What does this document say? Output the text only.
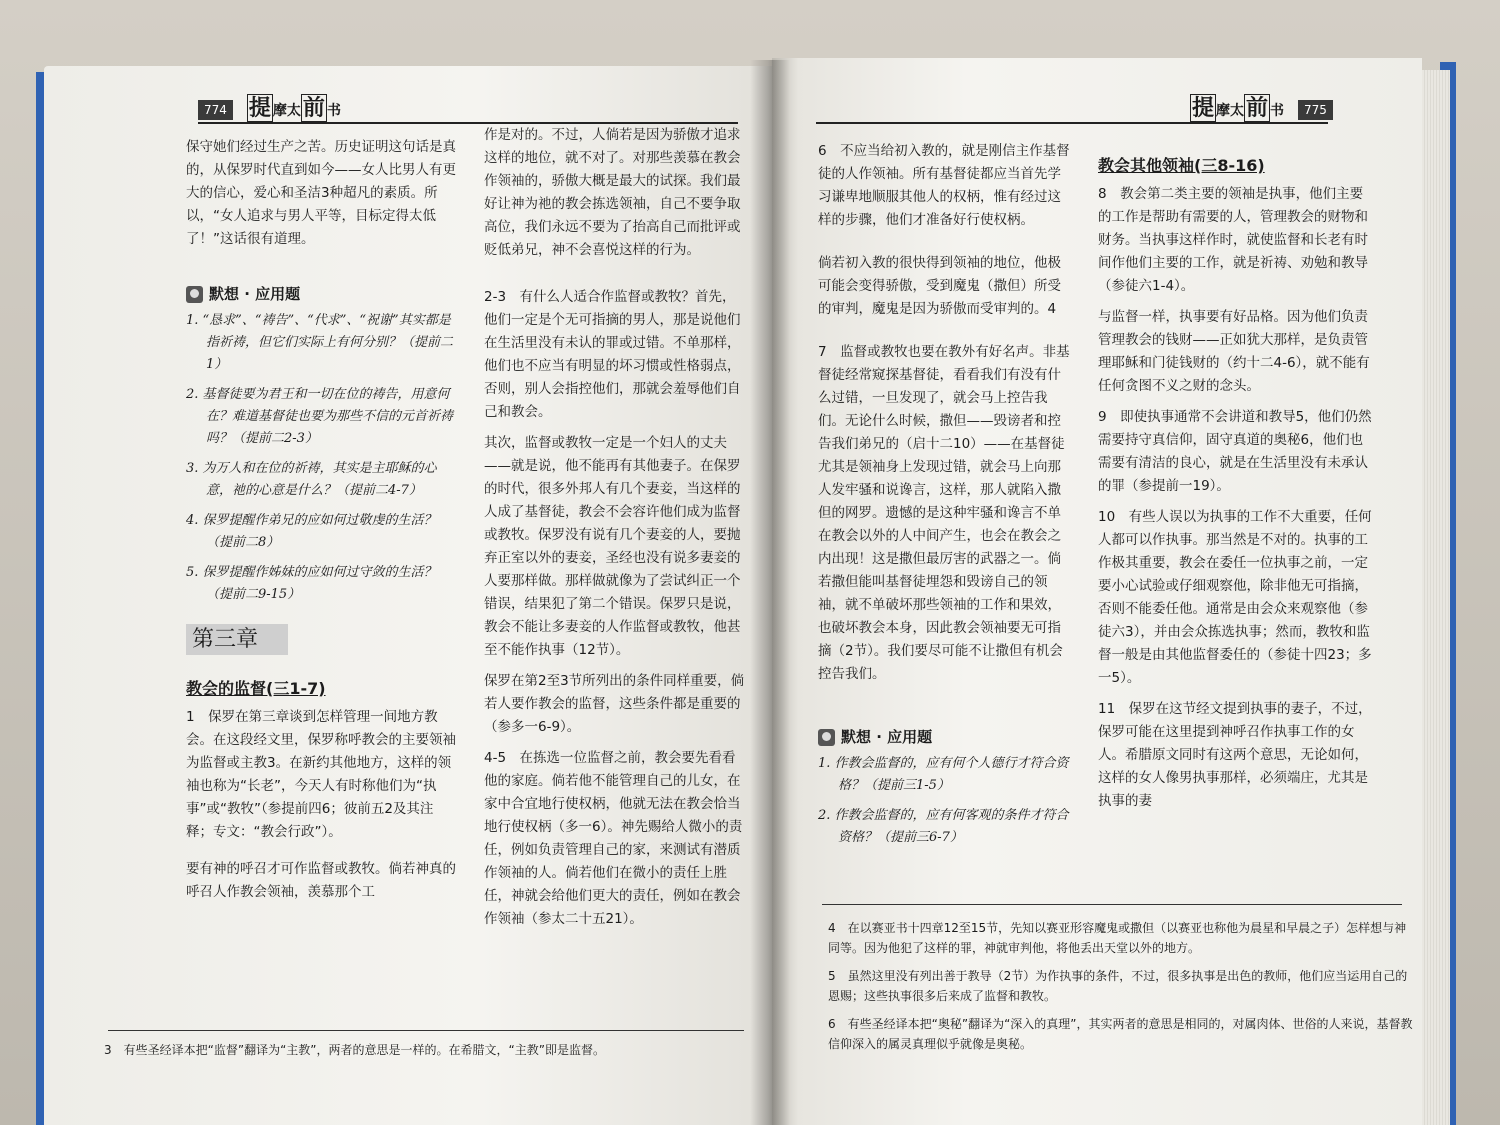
774 提 摩太前 书

保守她们经过生产之苦。历史证明这句话是真的，从保罗时代直到如今——女人比男人有更大的信心，爱心和圣洁3种超凡的素质。所以，“女人追求与男人平等，目标定得太低了！”这话很有道理。

默想 · 应用题

1. “恳求”、“祷告”、“代求”、“祝谢”其实都是指祈祷，但它们实际上有何分别？（提前二1）

2. 基督徒要为君王和一切在位的祷告，用意何在？难道基督徒也要为那些不信的元首祈祷吗？（提前二2-3）

3. 为万人和在位的祈祷，其实是主耶稣的心意，祂的心意是什么？（提前二4-7）

4. 保罗提醒作弟兄的应如何过敬虔的生活？（提前二8）

5. 保罗提醒作姊妹的应如何过守敛的生活？（提前二9-15）

第三章
教会的监督(三1-7)

1　保罗在第三章谈到怎样管理一间地方教会。在这段经文里，保罗称呼教会的主要领袖为监督或主教3。在新约其他地方，这样的领袖也称为“长老”，今天人有时称他们为“执事”或“教牧”（参提前四6；彼前五2及其注释；专文：“教会行政”）。

要有神的呼召才可作监督或教牧。倘若神真的呼召人作教会领袖，羡慕那个工

作是对的。不过，人倘若是因为骄傲才追求这样的地位，就不对了。对那些羡慕在教会作领袖的，骄傲大概是最大的试探。我们最好让神为祂的教会拣选领袖，自己不要争取高位，我们永远不要为了抬高自己而批评或贬低弟兄，神不会喜悦这样的行为。

2-3　有什么人适合作监督或教牧？首先，他们一定是个无可指摘的男人，那是说他们在生活里没有未认的罪或过错。不单那样，他们也不应当有明显的坏习惯或性格弱点，否则，别人会指控他们，那就会羞辱他们自己和教会。

其次，监督或教牧一定是一个妇人的丈夫——就是说，他不能再有其他妻子。在保罗的时代，很多外邦人有几个妻妾，当这样的人成了基督徒，教会不会容许他们成为监督或教牧。保罗没有说有几个妻妾的人，要抛弃正室以外的妻妾，圣经也没有说多妻妾的人要那样做。那样做就像为了尝试纠正一个错误，结果犯了第二个错误。保罗只是说，教会不能让多妻妾的人作监督或教牧，他甚至不能作执事（12节）。

保罗在第2至3节所列出的条件同样重要，倘若人要作教会的监督，这些条件都是重要的（参多一6-9）。

4-5　在拣选一位监督之前，教会要先看看他的家庭。倘若他不能管理自己的儿女，在家中合宜地行使权柄，他就无法在教会恰当地行使权柄（多一6）。神先赐给人微小的责任，例如负责管理自己的家，来测试有潜质作领袖的人。倘若他们在微小的责任上胜任，神就会给他们更大的责任，例如在教会作领袖（参太二十五21）。

3　有些圣经译本把“监督”翻译为“主教”，两者的意思是一样的。在希腊文，“主教”即是监督。

提 摩太前 书	775

6　不应当给初入教的，就是刚信主作基督徒的人作领袖。所有基督徒都应当首先学习谦卑地顺服其他人的权柄，惟有经过这样的步骤，他们才准备好行使权柄。

倘若初入教的很快得到领袖的地位，他极可能会变得骄傲，受到魔鬼（撒但）所受的审判，魔鬼是因为骄傲而受审判的。4

7　监督或教牧也要在教外有好名声。非基督徒经常窥探基督徒，看看我们有没有什么过错，一旦发现了，就会马上控告我们。无论什么时候，撒但——毁谤者和控告我们弟兄的（启十二10）——在基督徒尤其是领袖身上发现过错，就会马上向那人发牢骚和说谗言，这样，那人就陷入撒但的网罗。遗憾的是这种牢骚和谗言不单在教会以外的人中间产生，也会在教会之内出现！这是撒但最厉害的武器之一。倘若撒但能叫基督徒埋怨和毁谤自己的领袖，就不单破坏那些领袖的工作和果效，也破坏教会本身，因此教会领袖要无可指摘（2节）。我们要尽可能不让撒但有机会控告我们。

默想 · 应用题

1. 作教会监督的，应有何个人德行才符合资格？（提前三1-5）

2. 作教会监督的，应有何客观的条件才符合资格？（提前三6-7）

教会其他领袖(三8-16)

8　教会第二类主要的领袖是执事，他们主要的工作是帮助有需要的人，管理教会的财物和财务。当执事这样作时，就使监督和长老有时间作他们主要的工作，就是祈祷、劝勉和教导（参徒六1-4）。

与监督一样，执事要有好品格。因为他们负责管理教会的钱财——正如犹大那样，是负责管理耶稣和门徒钱财的（约十二4-6），就不能有任何贪图不义之财的念头。

9　即使执事通常不会讲道和教导5，他们仍然需要持守真信仰，固守真道的奥秘6，他们也需要有清洁的良心，就是在生活里没有未承认的罪（参提前一19）。

10　有些人误以为执事的工作不大重要，任何人都可以作执事。那当然是不对的。执事的工作极其重要，教会在委任一位执事之前，一定要小心试验或仔细观察他，除非他无可指摘，否则不能委任他。通常是由会众来观察他（参徒六3），并由会众拣选执事；然而，教牧和监督一般是由其他监督委任的（参徒十四23；多一5）。

11　保罗在这节经文提到执事的妻子，不过，保罗可能在这里提到神呼召作执事工作的女人。希腊原文同时有这两个意思，无论如何，这样的女人像男执事那样，必须端庄，尤其是执事的妻

4　在以赛亚书十四章12至15节，先知以赛亚形容魔鬼或撒但（以赛亚也称他为晨星和早晨之子）怎样想与神同等。因为他犯了这样的罪，神就审判他，将他丢出天堂以外的地方。

5　虽然这里没有列出善于教导（2节）为作执事的条件，不过，很多执事是出色的教师，他们应当运用自己的恩赐；这些执事很多后来成了监督和教牧。

6　有些圣经译本把“奥秘”翻译为“深入的真理”，其实两者的意思是相同的，对属肉体、世俗的人来说，基督教信仰深入的属灵真理似乎就像是奥秘。
